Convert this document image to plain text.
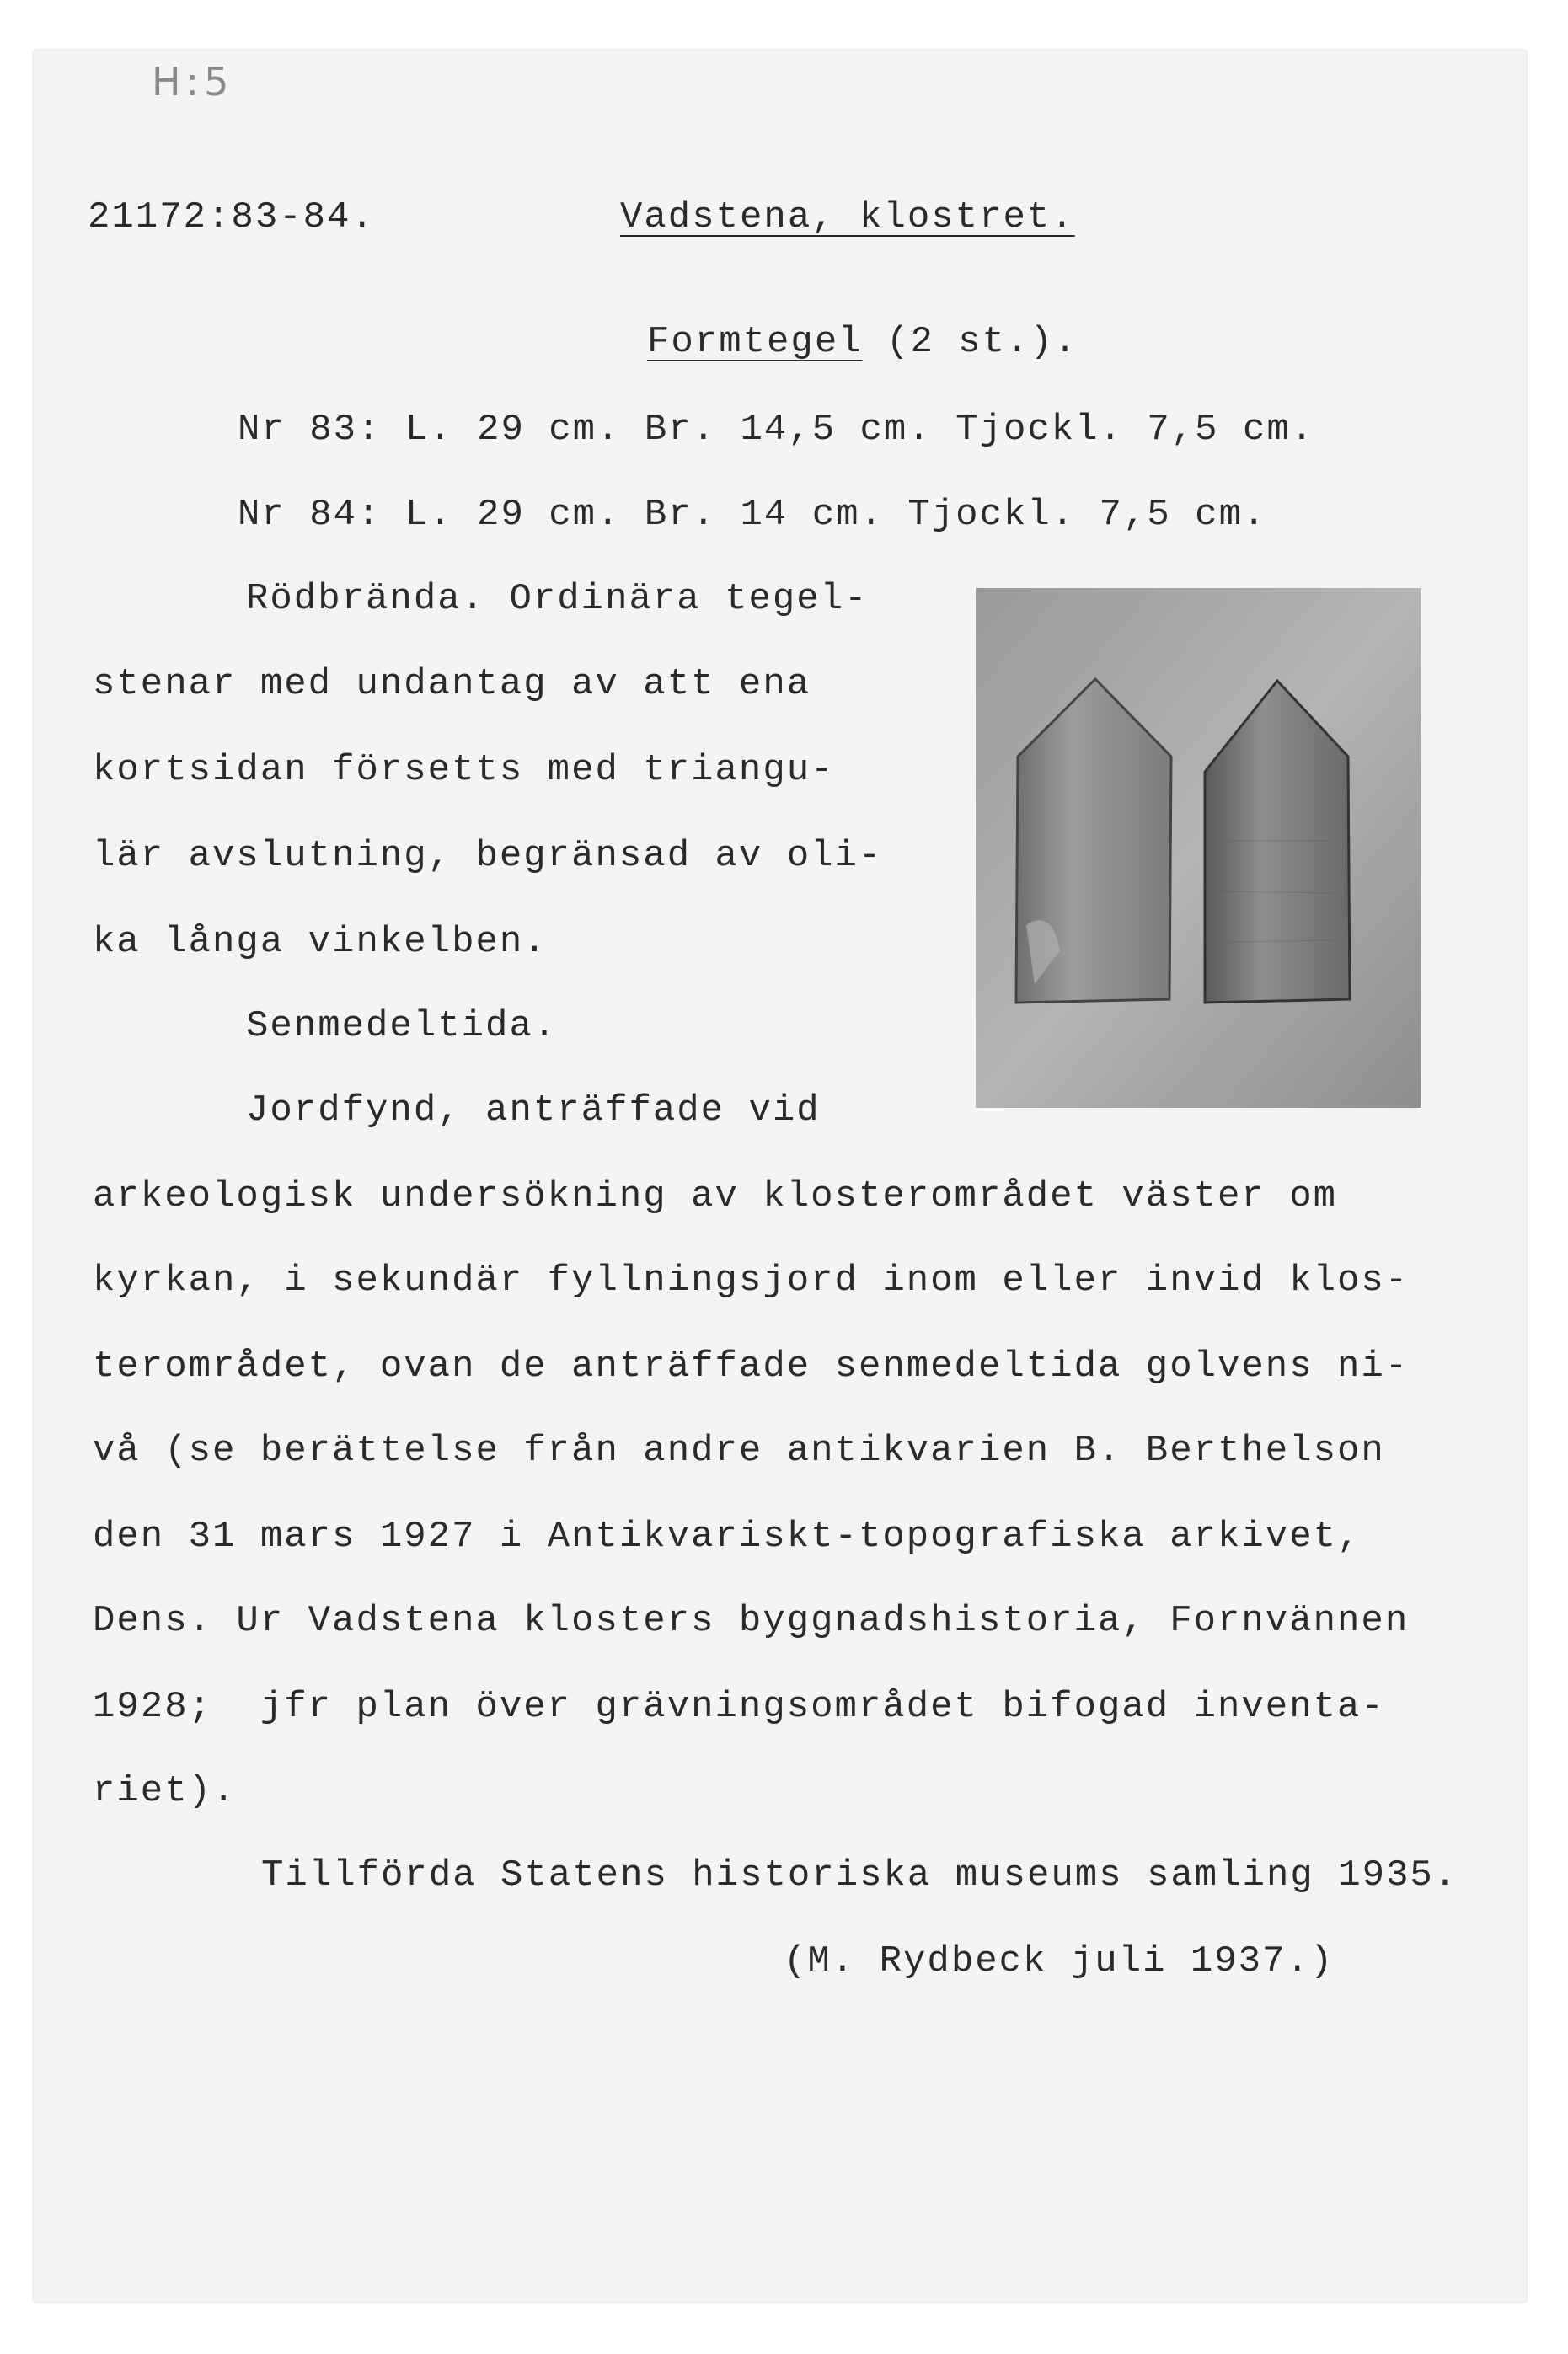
H:5
21172:83-84.	Vadstena, klostret.
Formtegel (2 st.).
Nr 83: L. 29 cm. Br. 14,5 cm. Tjockl. 7,5 cm.
Nr 84: L. 29 cm. Br. 14 cm. Tjockl. 7,5 cm.
Rödbrända. Ordinära tegel-
stenar med undantag av att ena
kortsidan försetts med triangu-
lär avslutning, begränsad av oli-
ka långa vinkelben.
Senmedeltida.
Jordfynd, anträffade vid
arkeologisk undersökning av klosterområdet väster om
kyrkan, i sekundär fyllningsjord inom eller invid klos-
terområdet, ovan de anträffade senmedeltida golvens ni-
vå (se berättelse från andre antikvarien B. Berthelson
den 31 mars 1927 i Antikvariskt-topografiska arkivet,
Dens. Ur Vadstena klosters byggnadshistoria, Fornvännen
1928;  jfr plan över grävningsområdet bifogad inventa-
riet).
Tillförda Statens historiska museums samling 1935.
(M. Rydbeck juli 1937.)
